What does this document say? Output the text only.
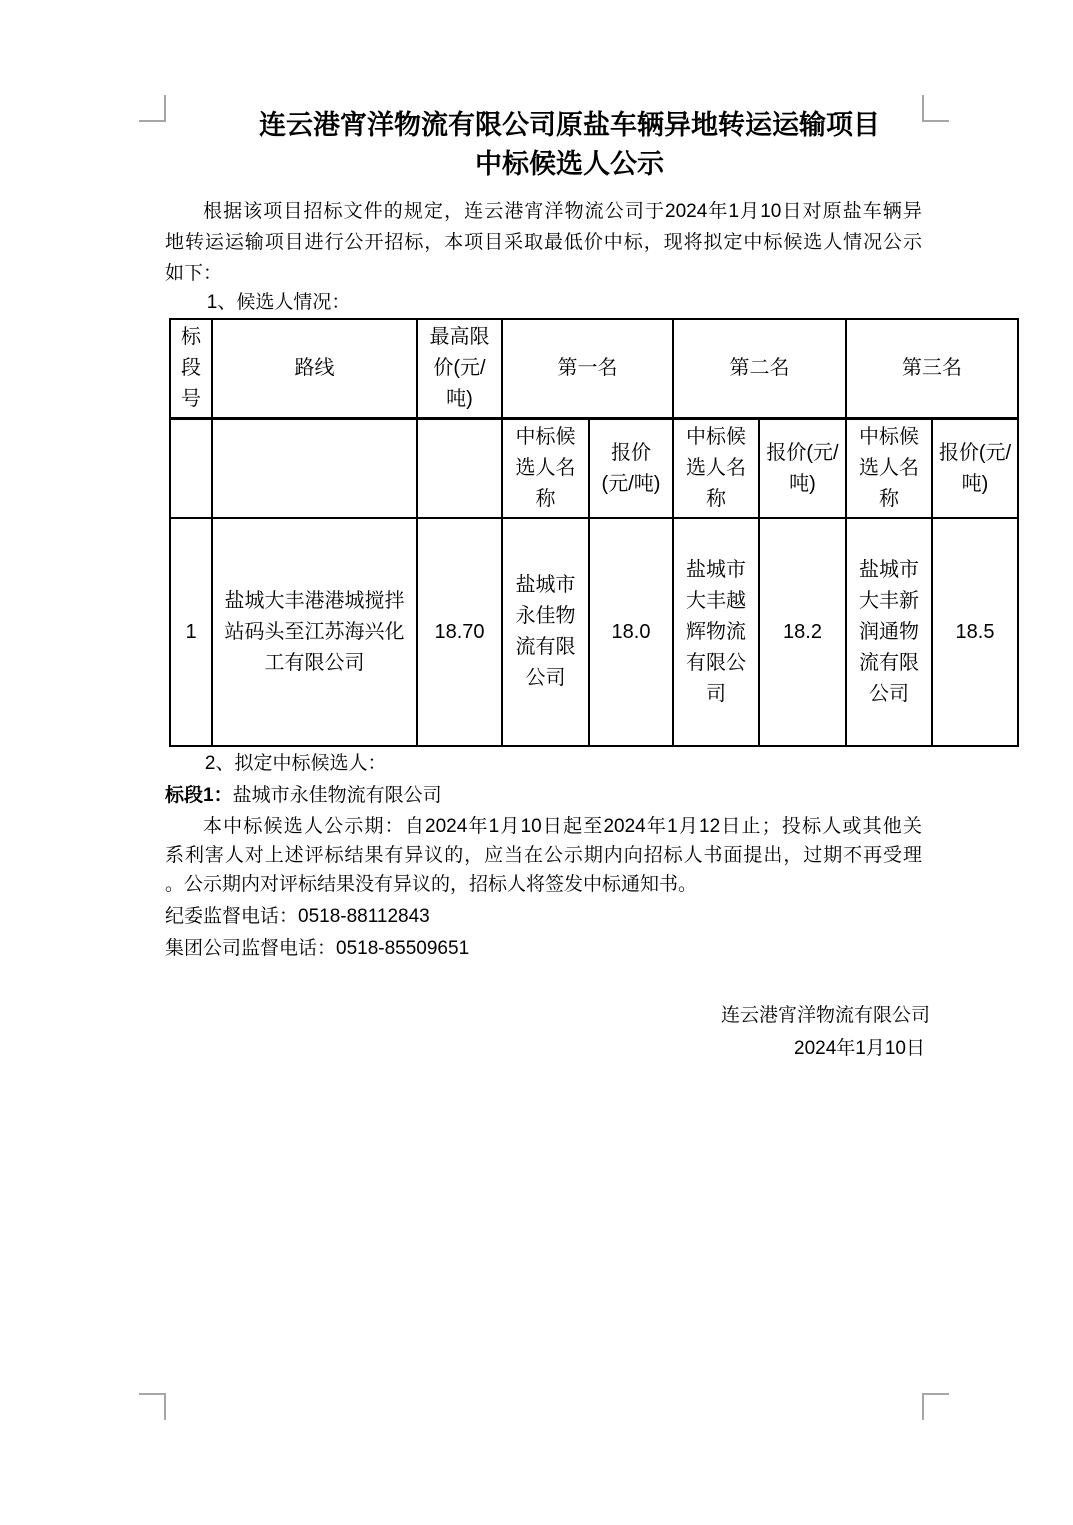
连云港宵洋物流有限公司原盐车辆异地转运运输项目
中标候选人公示
根据该项目招标文件的规定，连云港宵洋物流公司于2024年1月10日对原盐车辆异
地转运运输项目进行公开招标，本项目采取最低价中标，现将拟定中标候选人情况公示
如下：
1、候选人情况：
标段号	路线	最高限价(元/吨)	第一名		第二名		第三名	
			中标候选人名称	报价(元/吨)	中标候选人名称	报价(元/吨)	中标候选人名称	报价(元/吨)
1	盐城大丰港港城搅拌站码头至江苏海兴化工有限公司	18.70	盐城市永佳物流有限公司	18.0	盐城市大丰越辉物流有限公司	18.2	盐城市大丰新润通物流有限公司	18.5
2、拟定中标候选人：
标段1：盐城市永佳物流有限公司
本中标候选人公示期：自2024年1月10日起至2024年1月12日止；投标人或其他关
系利害人对上述评标结果有异议的，应当在公示期内向招标人书面提出，过期不再受理
。公示期内对评标结果没有异议的，招标人将签发中标通知书。
纪委监督电话：0518-88112843
集团公司监督电话：0518-85509651
连云港宵洋物流有限公司
2024年1月10日
